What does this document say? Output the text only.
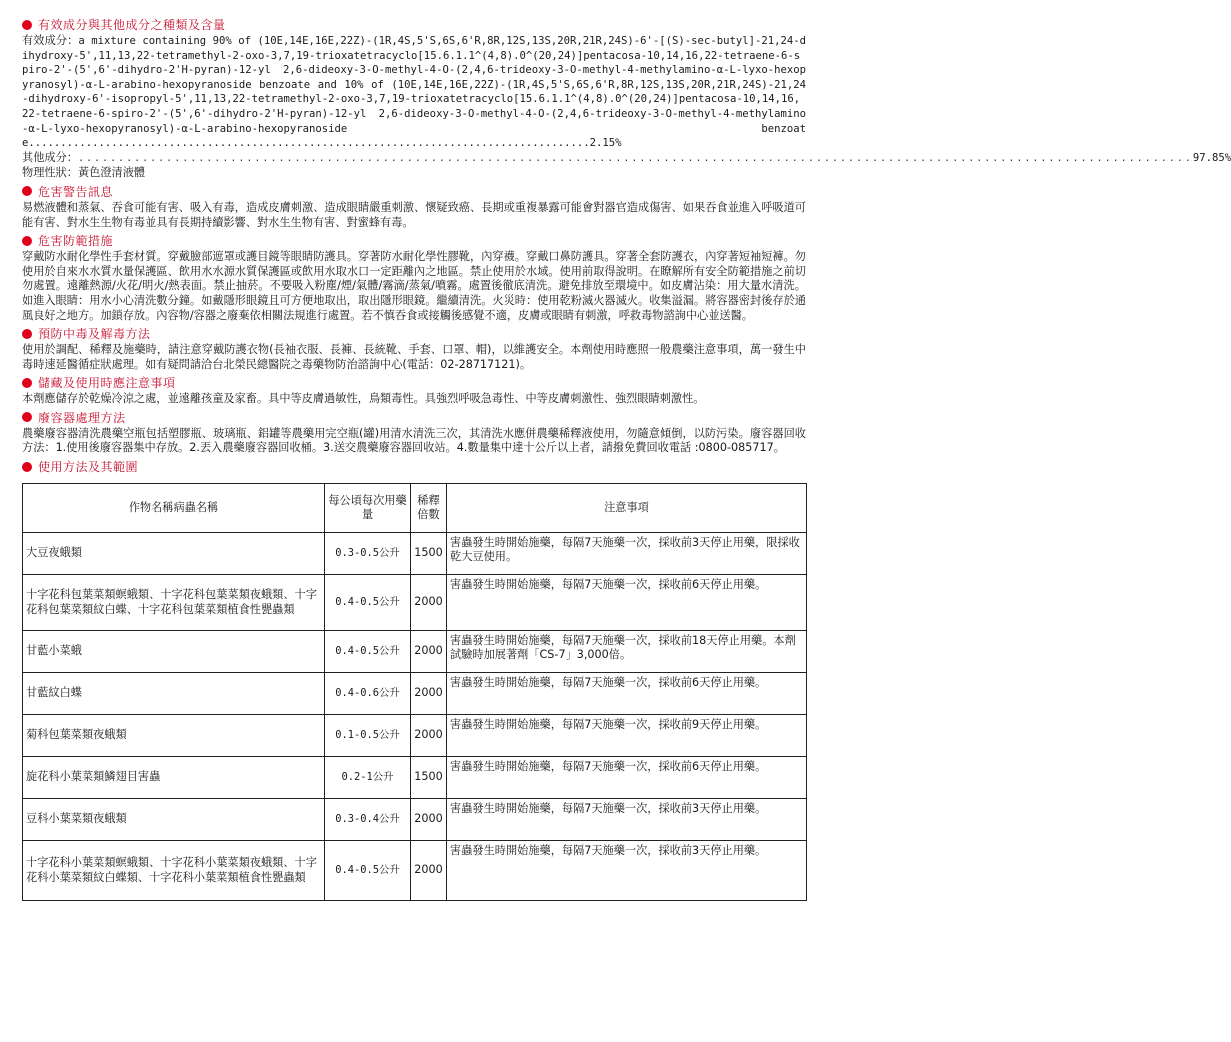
有效成分與其他成分之種類及含量
有效成分：a mixture containing 90% of (10E,14E,16E,22Z)-(1R,4S,5'S,6S,6'R,8R,12S,13S,20R,21R,24S)-6'-[(S)-sec-butyl]-21,24-dihydroxy-5',11,13,22-tetramethyl-2-oxo-3,7,19-trioxatetracyclo[15.6.1.1^(4,8).0^(20,24)]pentacosa-10,14,16,22-tetraene-6-spiro-2'-(5',6'-dihydro-2'H-pyran)-12-yl 2,6-dideoxy-3-O-methyl-4-O-(2,4,6-trideoxy-3-O-methyl-4-methylamino-α-L-lyxo-hexopyranosyl)-α-L-arabino-hexopyranoside benzoate and 10% of (10E,14E,16E,22Z)-(1R,4S,5'S,6S,6'R,8R,12S,13S,20R,21R,24S)-21,24-dihydroxy-6'-isopropyl-5',11,13,22-tetramethyl-2-oxo-3,7,19-trioxatetracyclo[15.6.1.1^(4,8).0^(20,24)]pentacosa-10,14,16,22-tetraene-6-spiro-2'-(5',6'-dihydro-2'H-pyran)-12-yl 2,6-dideoxy-3-O-methyl-4-O-(2,4,6-trideoxy-3-O-methyl-4-methylamino-α-L-lyxo-hexopyranosyl)-α-L-arabino-hexopyranoside benzoate........................................................................................2.15%
其他成分： ........................................................................................................................................... 97.85%
物理性狀：黃色澄清液體
危害警告訊息
易燃液體和蒸氣、吞食可能有害、吸入有毒，造成皮膚刺激、造成眼睛嚴重刺激、懷疑致癌、長期或重複暴露可能會對器官造成傷害、如果吞食並進入呼吸道可能有害、對水生生物有毒並具有長期持續影響、對水生生物有害、對蜜蜂有毒。
危害防範措施
穿戴防水耐化學性手套材質。穿戴臉部遮罩或護目鏡等眼睛防護具。穿著防水耐化學性膠靴，內穿襪。穿戴口鼻防護具。穿著全套防護衣，內穿著短袖短褲。勿使用於自來水水質水量保護區、飲用水水源水質保護區或飲用水取水口一定距離內之地區。禁止使用於水域。使用前取得說明。在瞭解所有安全防範措施之前切勿處置。遠離熱源/火花/明火/熱表面。禁止抽菸。不要吸入粉塵/煙/氣體/霧滴/蒸氣/噴霧。處置後徹底清洗。避免排放至環境中。如皮膚沾染：用大量水清洗。如進入眼睛：用水小心清洗數分鐘。如戴隱形眼鏡且可方便地取出，取出隱形眼鏡。繼續清洗。火災時：使用乾粉滅火器滅火。收集溢漏。將容器密封後存於通風良好之地方。加鎖存放。內容物/容器之廢棄依相關法規進行處置。若不慎吞食或接觸後感覺不適，皮膚或眼睛有刺激，呼救毒物諮詢中心並送醫。
預防中毒及解毒方法
使用於調配、稀釋及施藥時，請注意穿戴防護衣物(長袖衣服、長褲、長統靴、手套、口罩、帽)，以維護安全。本劑使用時應照一般農藥注意事項，萬一發生中毒時速延醫循症狀處理。如有疑問請洽台北榮民總醫院之毒藥物防治諮詢中心(電話：02-28717121)。
儲藏及使用時應注意事項
本劑應儲存於乾燥冷涼之處，並遠離孩童及家畜。具中等皮膚過敏性，鳥類毒性。具強烈呼吸急毒性、中等皮膚刺激性、強烈眼睛刺激性。
廢容器處理方法
農藥廢容器清洗農藥空瓶包括塑膠瓶、玻璃瓶、鋁罐等農藥用完空瓶(罐)用清水清洗三次，其清洗水應併農藥稀釋液使用，勿隨意傾倒，以防污染。廢容器回收方法：1.使用後廢容器集中存放。2.丟入農藥廢容器回收桶。3.送交農藥廢容器回收站。4.數量集中達十公斤以上者，請撥免費回收電話 :0800-085717。
使用方法及其範圍
作物名稱病蟲名稱	每公頃每次用藥量	稀釋倍數	注意事項
大豆夜蛾類	0.3-0.5公升	1500	害蟲發生時開始施藥，每隔7天施藥一次，採收前3天停止用藥，限採收乾大豆使用。
十字花科包葉菜類螟蛾類、十字花科包葉菜類夜蛾類、十字花科包葉菜類紋白蝶、十字花科包葉菜類植食性甖蟲類	0.4-0.5公升	2000	害蟲發生時開始施藥，每隔7天施藥一次，採收前6天停止用藥。
甘藍小菜蛾	0.4-0.5公升	2000	害蟲發生時開始施藥，每隔7天施藥一次，採收前18天停止用藥。本劑試驗時加展著劑「CS-7」3,000倍。
甘藍紋白蝶	0.4-0.6公升	2000	害蟲發生時開始施藥，每隔7天施藥一次，採收前6天停止用藥。
菊科包葉菜類夜蛾類	0.1-0.5公升	2000	害蟲發生時開始施藥，每隔7天施藥一次，採收前9天停止用藥。
旋花科小葉菜類鱗翅目害蟲	0.2-1公升	1500	害蟲發生時開始施藥，每隔7天施藥一次，採收前6天停止用藥。
豆科小葉菜類夜蛾類	0.3-0.4公升	2000	害蟲發生時開始施藥，每隔7天施藥一次，採收前3天停止用藥。
十字花科小葉菜類螟蛾類、十字花科小葉菜類夜蛾類、十字花科小葉菜類紋白蝶類、十字花科小葉菜類植食性甖蟲類	0.4-0.5公升	2000	害蟲發生時開始施藥，每隔7天施藥一次，採收前3天停止用藥。
